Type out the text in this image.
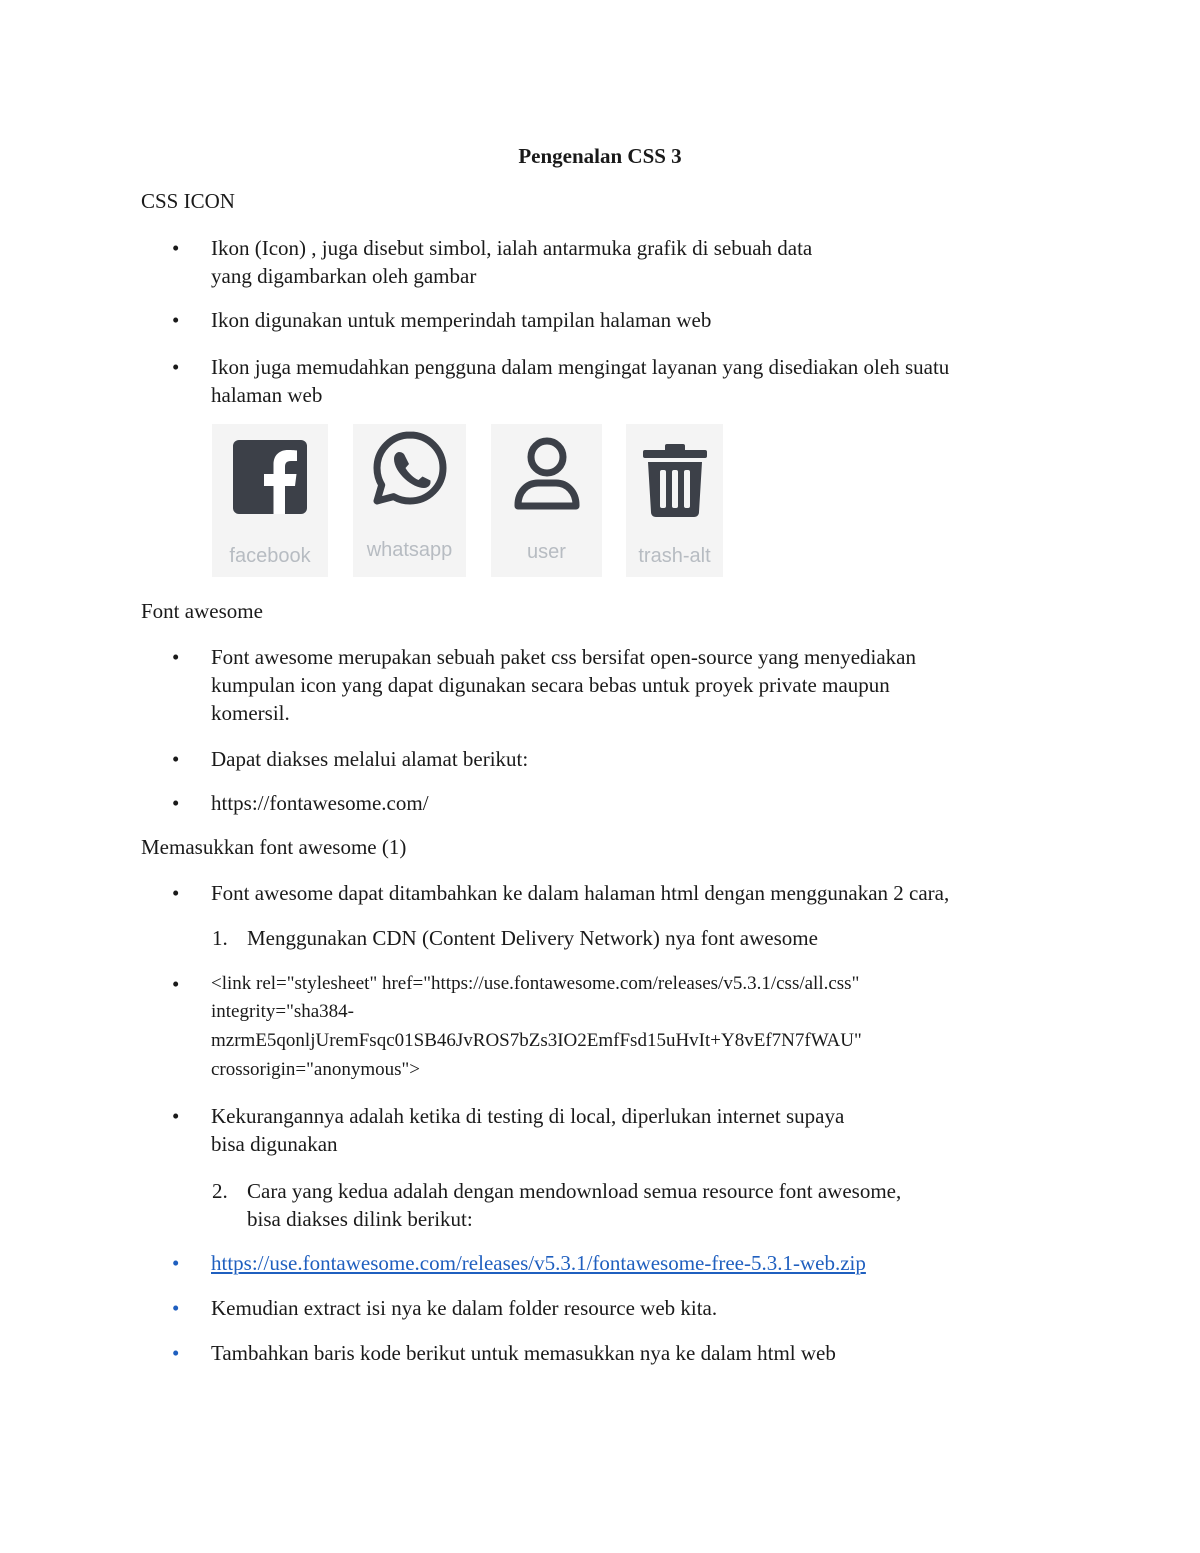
Pengenalan CSS 3
CSS ICON
• Ikon (Icon) , juga disebut simbol, ialah antarmuka grafik di sebuah data
yang digambarkan oleh gambar
• Ikon digunakan untuk memperindah tampilan halaman web
• Ikon juga memudahkan pengguna dalam mengingat layanan yang disediakan oleh suatu
halaman web
facebook	whatsapp	user	trash-alt
Font awesome
• Font awesome merupakan sebuah paket css bersifat open-source yang menyediakan
kumpulan icon yang dapat digunakan secara bebas untuk proyek private maupun
komersil.
• Dapat diakses melalui alamat berikut:
• https://fontawesome.com/
Memasukkan font awesome (1)
• Font awesome dapat ditambahkan ke dalam halaman html dengan menggunakan 2 cara,
1. Menggunakan CDN (Content Delivery Network) nya font awesome
• <link rel="stylesheet" href="https://use.fontawesome.com/releases/v5.3.1/css/all.css"
integrity="sha384-
mzrmE5qonljUremFsqc01SB46JvROS7bZs3IO2EmfFsd15uHvIt+Y8vEf7N7fWAU"
crossorigin="anonymous">
• Kekurangannya adalah ketika di testing di local, diperlukan internet supaya
bisa digunakan
2. Cara yang kedua adalah dengan mendownload semua resource font awesome,
bisa diakses dilink berikut:
• https://use.fontawesome.com/releases/v5.3.1/fontawesome-free-5.3.1-web.zip
• Kemudian extract isi nya ke dalam folder resource web kita.
• Tambahkan baris kode berikut untuk memasukkan nya ke dalam html web
